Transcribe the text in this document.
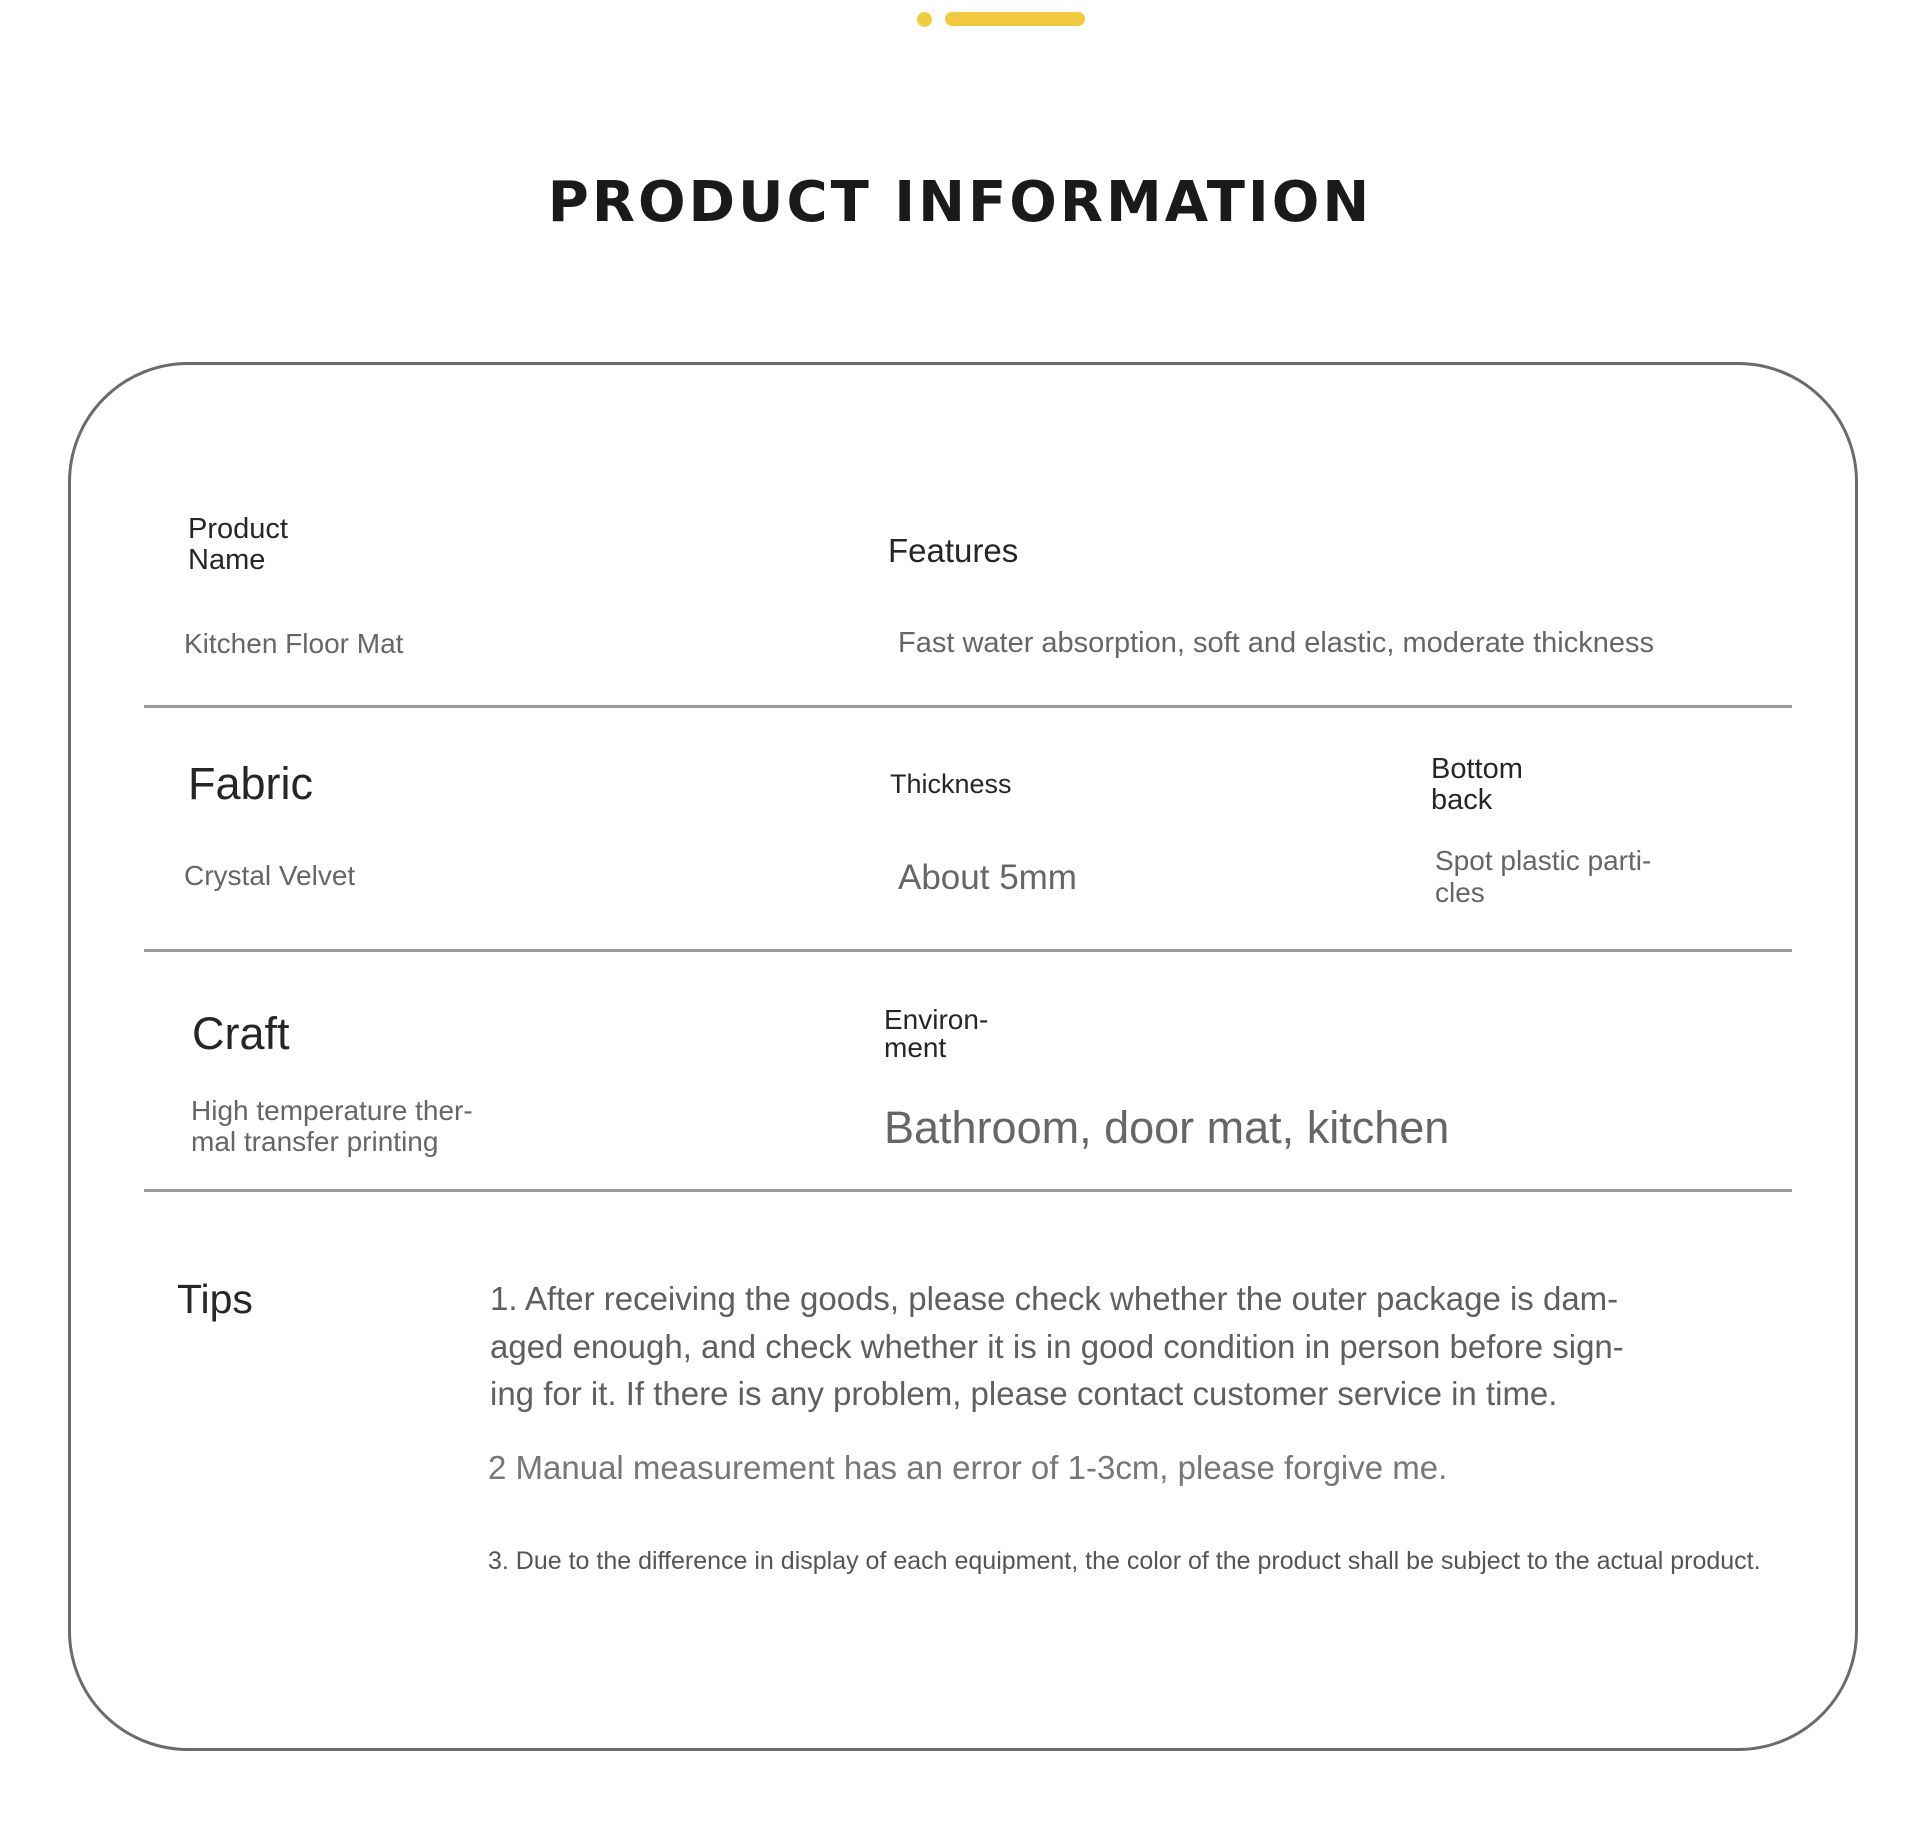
PRODUCT INFORMATION

Product
Name

Kitchen Floor Mat

Features

Fast water absorption, soft and elastic, moderate thickness

Fabric

Crystal Velvet

Thickness

About 5mm

Bottom
back

Spot plastic parti-
cles

Craft

High temperature ther-
mal transfer printing

Environ-
ment

Bathroom, door mat, kitchen

Tips	1. After receiving the goods, please check whether the outer package is dam-
aged enough, and check whether it is in good condition in person before sign-
ing for it. If there is any problem, please contact customer service in time.

2 Manual measurement has an error of 1-3cm, please forgive me.

3. Due to the difference in display of each equipment, the color of the product shall be subject to the actual product.
